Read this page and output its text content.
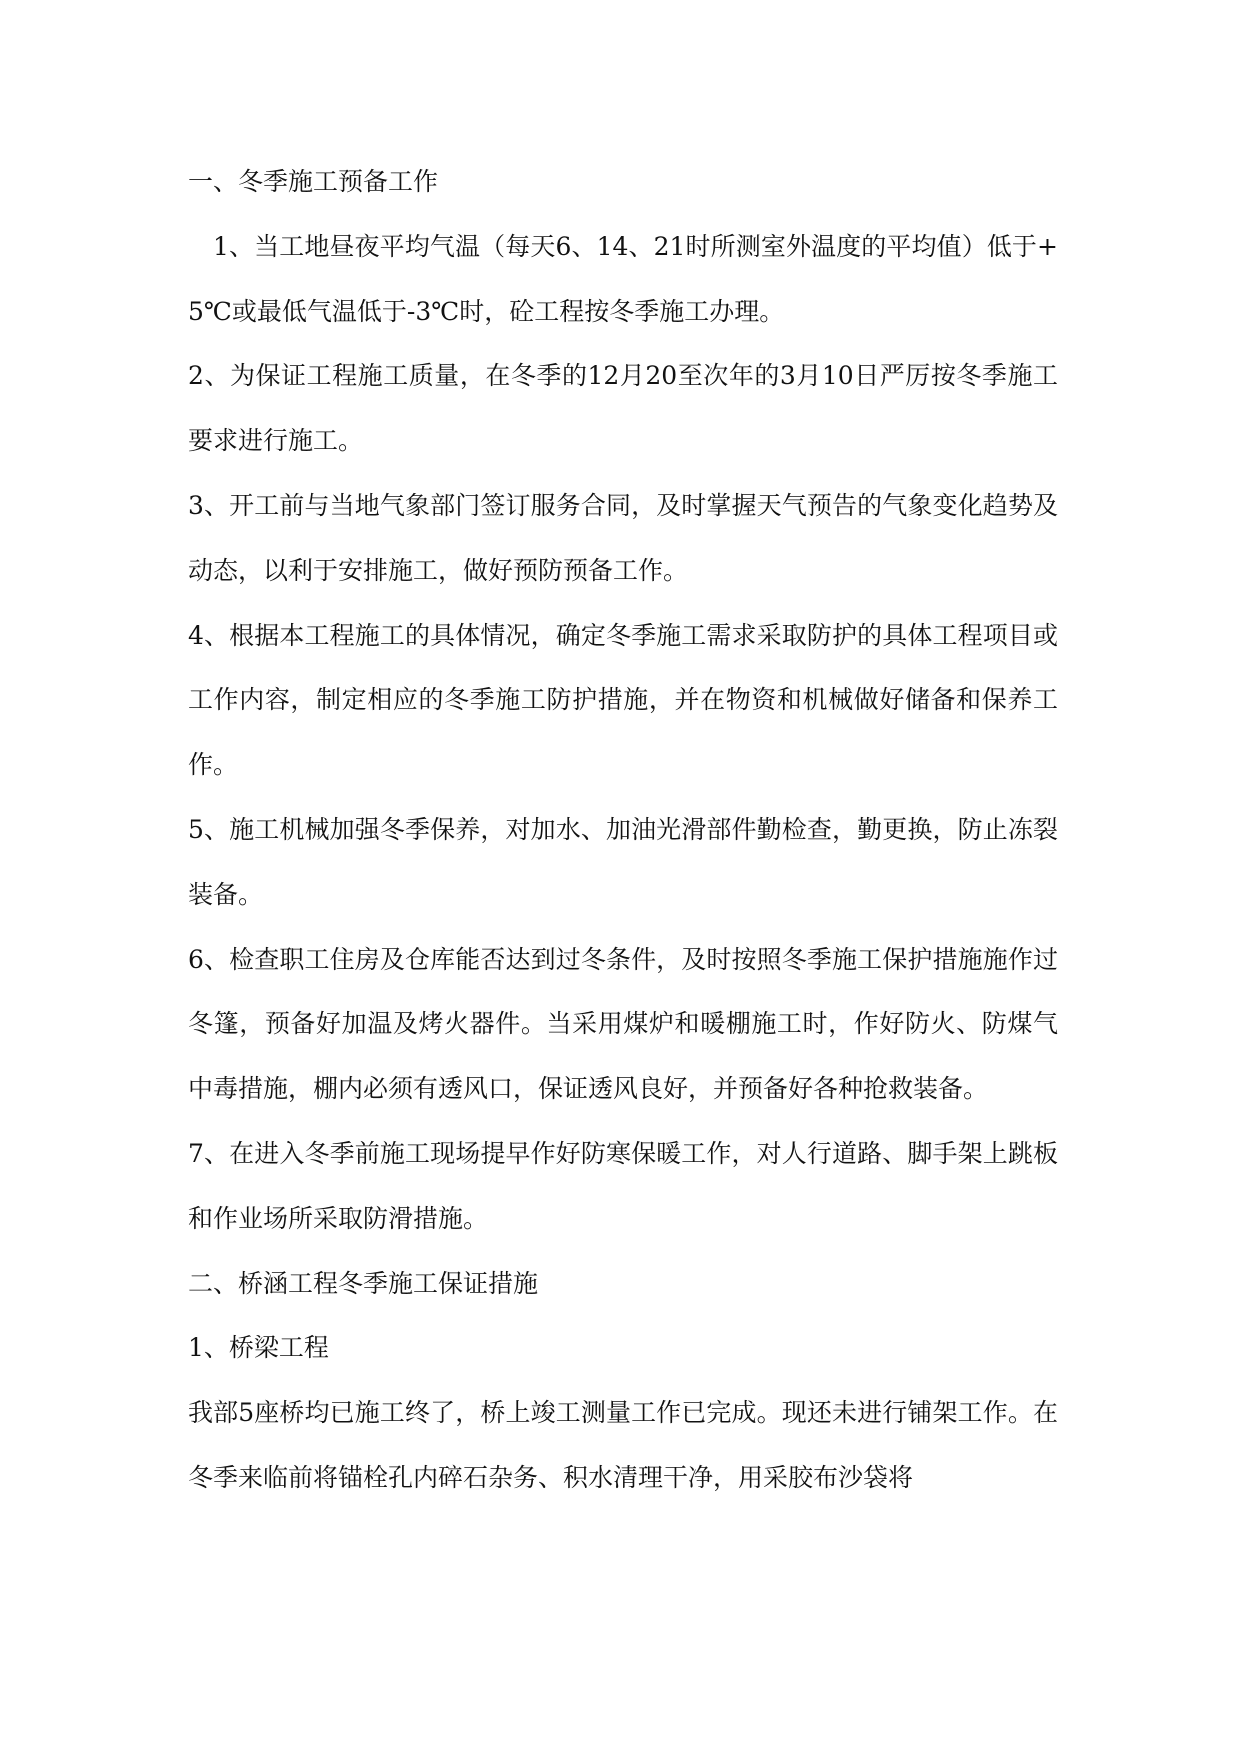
一、冬季施工预备工作

1、当工地昼夜平均气温（每天6、14、21时所测室外温度的平均值）低于+5℃或最低气温低于-3℃时，砼工程按冬季施工办理。

2、为保证工程施工质量，在冬季的12月20至次年的3月10日严厉按冬季施工要求进行施工。

3、开工前与当地气象部门签订服务合同，及时掌握天气预告的气象变化趋势及动态，以利于安排施工，做好预防预备工作。

4、根据本工程施工的具体情况，确定冬季施工需求采取防护的具体工程项目或工作内容，制定相应的冬季施工防护措施，并在物资和机械做好储备和保养工作。

5、施工机械加强冬季保养，对加水、加油光滑部件勤检查，勤更换，防止冻裂装备。

6、检查职工住房及仓库能否达到过冬条件，及时按照冬季施工保护措施施作过冬篷，预备好加温及烤火器件。当采用煤炉和暖棚施工时，作好防火、防煤气中毒措施，棚内必须有透风口，保证透风良好，并预备好各种抢救装备。

7、在进入冬季前施工现场提早作好防寒保暖工作，对人行道路、脚手架上跳板和作业场所采取防滑措施。

二、桥涵工程冬季施工保证措施

1、桥梁工程

我部5座桥均已施工终了，桥上竣工测量工作已完成。现还未进行铺架工作。在冬季来临前将锚栓孔内碎石杂务、积水清理干净，用采胶布沙袋将
